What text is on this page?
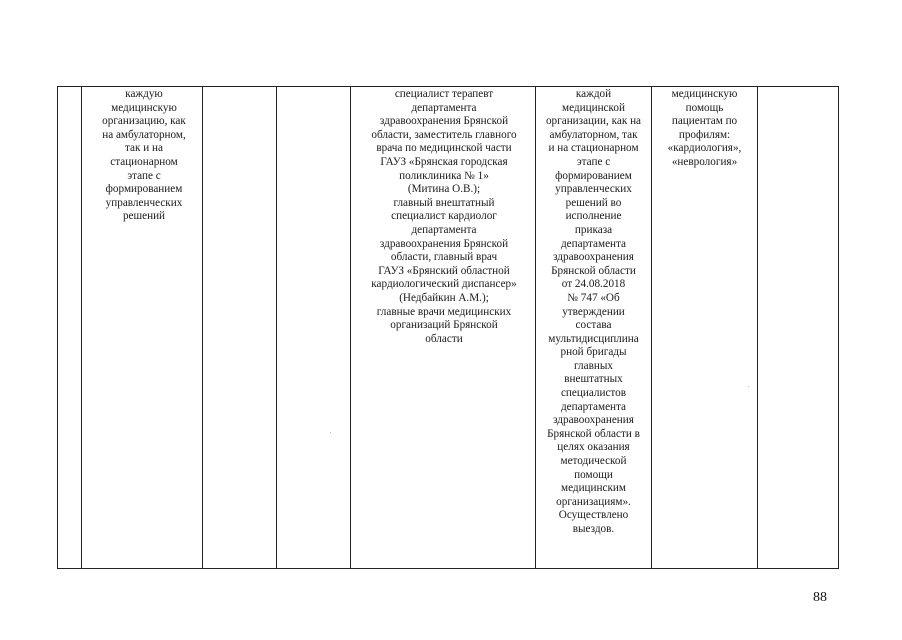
каждую
медицинскую
организацию, как
на амбулаторном,
так и на
стационарном
этапе с
формированием
управленческих
решений
специалист терапевт
департамента
здравоохранения Брянской
области, заместитель главного
врача по медицинской части
ГАУЗ «Брянская городская
поликлиника № 1»
(Митина О.В.);
главный внештатный
специалист кардиолог
департамента
здравоохранения Брянской
области, главный врач
ГАУЗ «Брянский областной
кардиологический диспансер»
(Недбайкин А.М.);
главные врачи медицинских
организаций Брянской
области
каждой
медицинской
организации, как на
амбулаторном, так
и на стационарном
этапе с
формированием
управленческих
решений во
исполнение
приказа
департамента
здравоохранения
Брянской области
от 24.08.2018
№ 747 «Об
утверждении
состава
мультидисциплина
рной бригады
главных
внештатных
специалистов
департамента
здравоохранения
Брянской области в
целях оказания
методической
помощи
медицинским
организациям».
Осуществлено
выездов.
медицинскую
помощь
пациентам по
профилям:
«кардиология»,
«неврология»
88
